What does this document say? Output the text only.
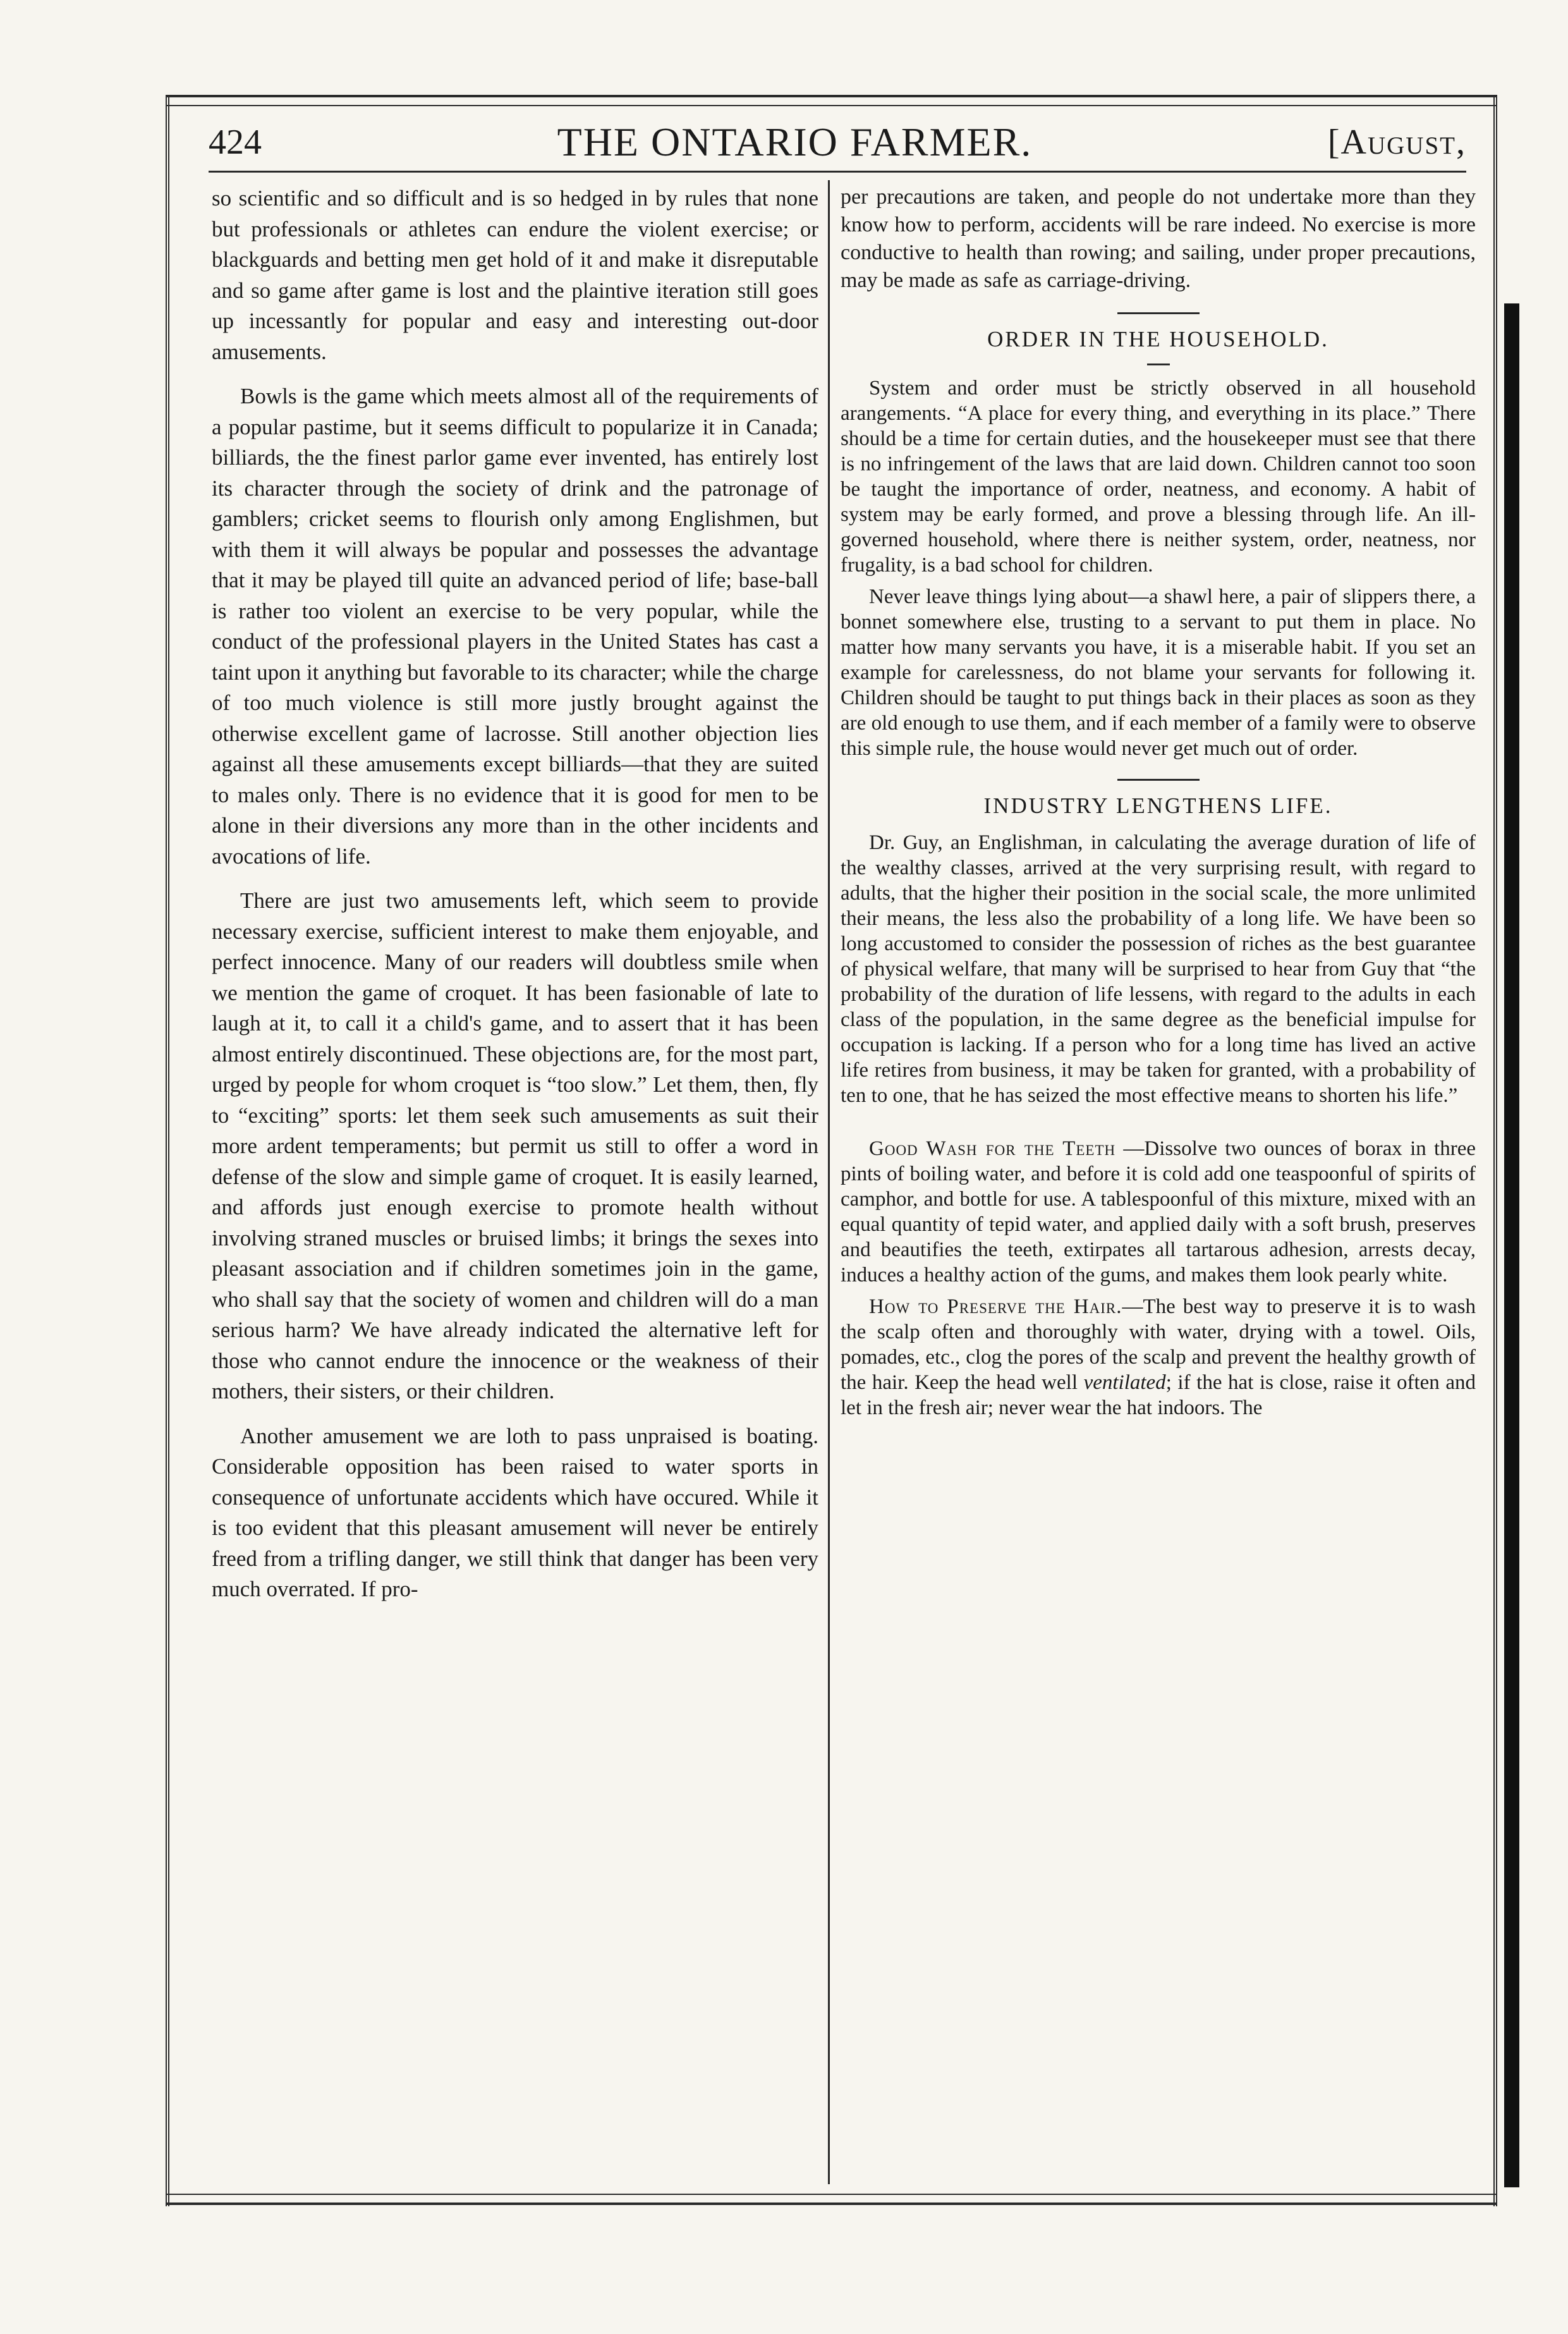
424	THE ONTARIO FARMER.	[August,

so scientific and so difficult and is so hedged in by rules that none but professionals or athletes can endure the violent exercise; or blackguards and betting men get hold of it and make it disreputable and so game after game is lost and the plaintive iteration still goes up incessantly for popular and easy and interesting out-door amusements.

Bowls is the game which meets almost all of the requirements of a popular pastime, but it seems difficult to popularize it in Canada; billiards, the the finest parlor game ever invented, has entirely lost its character through the society of drink and the patronage of gamblers; cricket seems to flourish only among Englishmen, but with them it will always be popular and possesses the advantage that it may be played till quite an advanced period of life; base-ball is rather too violent an exercise to be very popular, while the conduct of the professional players in the United States has cast a taint upon it anything but favorable to its character; while the charge of too much violence is still more justly brought against the otherwise excellent game of lacrosse. Still another objection lies against all these amusements except billiards—that they are suited to males only. There is no evidence that it is good for men to be alone in their diversions any more than in the other incidents and avocations of life.

There are just two amusements left, which seem to provide necessary exercise, sufficient interest to make them enjoyable, and perfect innocence. Many of our readers will doubtless smile when we mention the game of croquet. It has been fasionable of late to laugh at it, to call it a child's game, and to assert that it has been almost entirely discontinued. These objections are, for the most part, urged by people for whom croquet is “too slow.” Let them, then, fly to “exciting” sports: let them seek such amusements as suit their more ardent temperaments; but permit us still to offer a word in defense of the slow and simple game of croquet. It is easily learned, and affords just enough exercise to promote health without involving straned muscles or bruised limbs; it brings the sexes into pleasant association and if children sometimes join in the game, who shall say that the society of women and children will do a man serious harm? We have already indicated the alternative left for those who cannot endure the innocence or the weakness of their mothers, their sisters, or their children.

Another amusement we are loth to pass unpraised is boating. Considerable opposition has been raised to water sports in consequence of unfortunate accidents which have occured. While it is too evident that this pleasant amusement will never be entirely freed from a trifling danger, we still think that danger has been very much overrated. If pro-

per precautions are taken, and people do not undertake more than they know how to perform, accidents will be rare indeed. No exercise is more conductive to health than rowing; and sailing, under proper precautions, may be made as safe as carriage-driving.

ORDER IN THE HOUSEHOLD.

System and order must be strictly observed in all household arangements. “A place for every thing, and everything in its place.” There should be a time for certain duties, and the housekeeper must see that there is no infringement of the laws that are laid down. Children cannot too soon be taught the importance of order, neatness, and economy. A habit of system may be early formed, and prove a blessing through life. An ill-governed household, where there is neither system, order, neatness, nor frugality, is a bad school for children.

Never leave things lying about—a shawl here, a pair of slippers there, a bonnet somewhere else, trusting to a servant to put them in place. No matter how many servants you have, it is a miserable habit. If you set an example for carelessness, do not blame your servants for following it. Children should be taught to put things back in their places as soon as they are old enough to use them, and if each member of a family were to observe this simple rule, the house would never get much out of order.

INDUSTRY LENGTHENS LIFE.

Dr. Guy, an Englishman, in calculating the average duration of life of the wealthy classes, arrived at the very surprising result, with regard to adults, that the higher their position in the social scale, the more unlimited their means, the less also the probability of a long life. We have been so long accustomed to consider the possession of riches as the best guarantee of physical welfare, that many will be surprised to hear from Guy that “the probability of the duration of life lessens, with regard to the adults in each class of the population, in the same degree as the beneficial impulse for occupation is lacking. If a person who for a long time has lived an active life retires from business, it may be taken for granted, with a probability of ten to one, that he has seized the most effective means to shorten his life.”

Good Wash for the Teeth —Dissolve two ounces of borax in three pints of boiling water, and before it is cold add one teaspoonful of spirits of camphor, and bottle for use. A tablespoonful of this mixture, mixed with an equal quantity of tepid water, and applied daily with a soft brush, preserves and beautifies the teeth, extirpates all tartarous adhesion, arrests decay, induces a healthy action of the gums, and makes them look pearly white.

How to Preserve the Hair.—The best way to preserve it is to wash the scalp often and thoroughly with water, drying with a towel. Oils, pomades, etc., clog the pores of the scalp and prevent the healthy growth of the hair. Keep the head well ventilated; if the hat is close, raise it often and let in the fresh air; never wear the hat indoors. The
